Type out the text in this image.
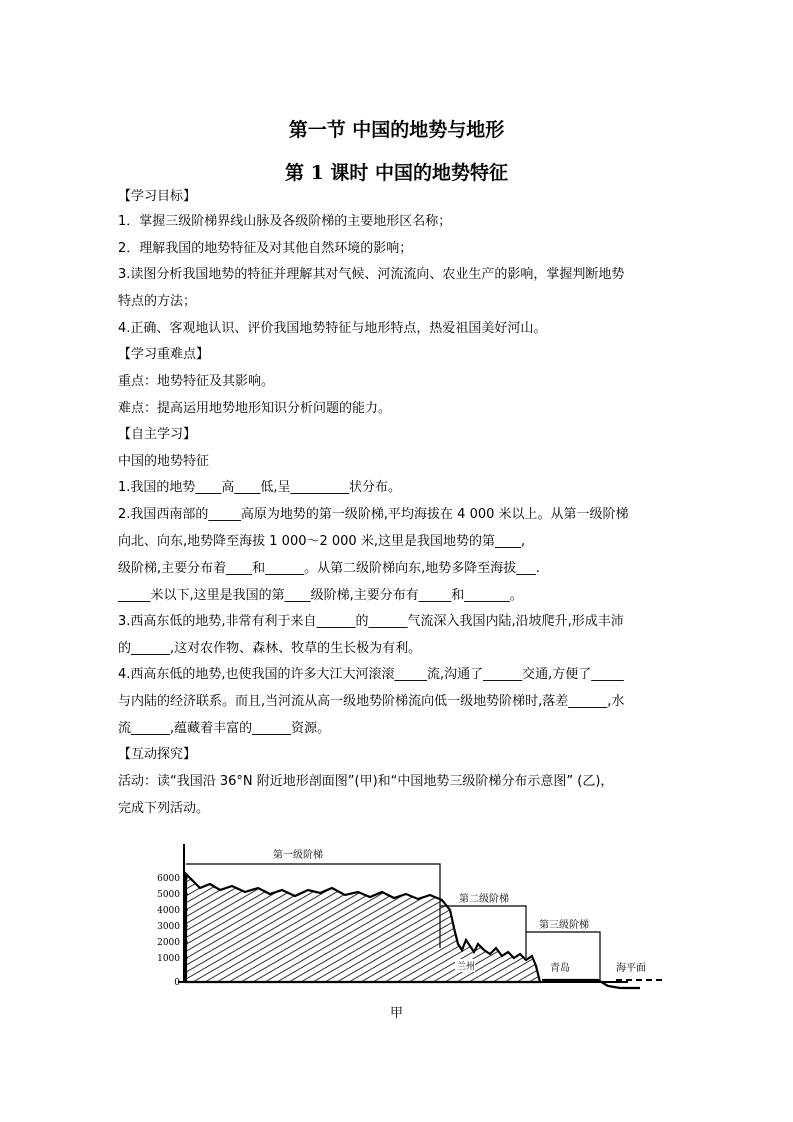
第一节 中国的地势与地形
第 1 课时 中国的地势特征
【学习目标】
1．掌握三级阶梯界线山脉及各级阶梯的主要地形区名称；
2．理解我国的地势特征及对其他自然环境的影响；
3.读图分析我国地势的特征并理解其对气候、河流流向、农业生产的影响，掌握判断地势
特点的方法；
4.正确、客观地认识、评价我国地势特征与地形特点，热爱祖国美好河山。
【学习重难点】
重点：地势特征及其影响。
难点：提高运用地势地形知识分析问题的能力。
【自主学习】
中国的地势特征
1.我国的地势____高____低,呈_________状分布。
2.我国西南部的_____高原为地势的第一级阶梯,平均海拔在 4 000 米以上。从第一级阶梯
向北、向东,地势降至海拔 1 000～2 000 米,这里是我国地势的第____,
级阶梯,主要分布着____和______。从第二级阶梯向东,地势多降至海拔___.
_____米以下,这里是我国的第____级阶梯,主要分布有_____和_______。
3.西高东低的地势,非常有利于来自______的______气流深入我国内陆,沿坡爬升,形成丰沛
的______,这对农作物、森林、牧草的生长极为有利。
4.西高东低的地势,也使我国的许多大江大河滚滚_____流,沟通了______交通,方便了_____
与内陆的经济联系。而且,当河流从高一级地势阶梯流向低一级地势阶梯时,落差______,水
流______,蕴藏着丰富的______资源。
【互动探究】
活动：读“我国沿 36°N 附近地形剖面图”(甲)和“中国地势三级阶梯分布示意图” (乙)，
完成下列活动。
6000
5000
4000
3000
2000
1000
0
第一级阶梯
第二级阶梯
第三级阶梯
兰州	青岛	海平面
甲
